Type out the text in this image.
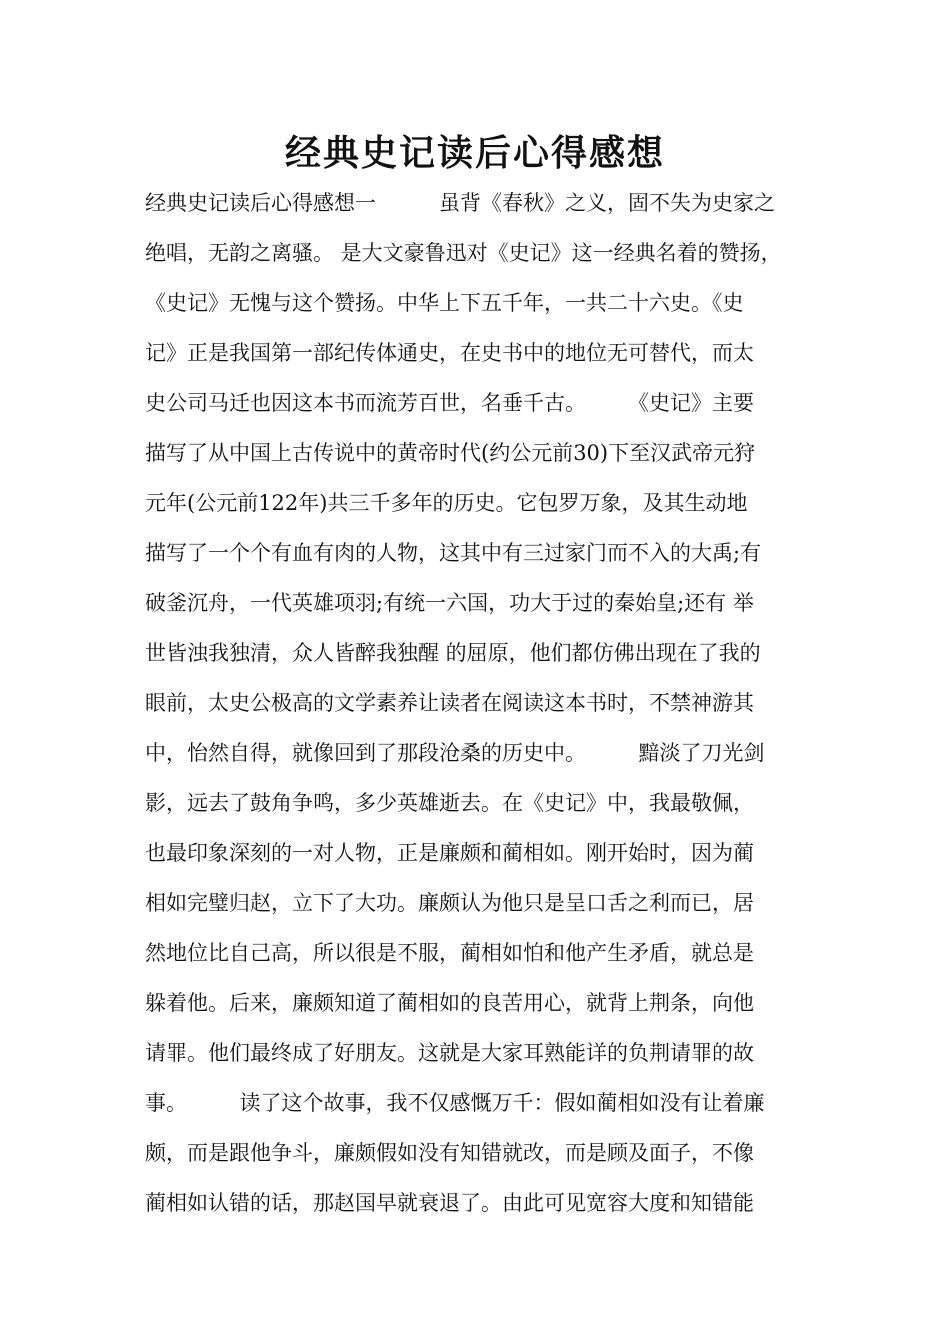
经典史记读后心得感想
经典史记读后心得感想一　　　虽背《春秋》之义，固不失为史家之
绝唱，无韵之离骚。 是大文豪鲁迅对《史记》这一经典名着的赞扬，
《史记》无愧与这个赞扬。中华上下五千年，一共二十六史。《史
记》正是我国第一部纪传体通史，在史书中的地位无可替代，而太
史公司马迁也因这本书而流芳百世，名垂千古。　　　《史记》主要
描写了从中国上古传说中的黄帝时代(约公元前30)下至汉武帝元狩
元年(公元前122年)共三千多年的历史。它包罗万象，及其生动地
描写了一个个有血有肉的人物，这其中有三过家门而不入的大禹;有
破釜沉舟，一代英雄项羽;有统一六国，功大于过的秦始皇;还有 举
世皆浊我独清，众人皆醉我独醒 的屈原，他们都仿佛出现在了我的
眼前，太史公极高的文学素养让读者在阅读这本书时，不禁神游其
中，怡然自得，就像回到了那段沧桑的历史中。　　　黯淡了刀光剑
影，远去了鼓角争鸣，多少英雄逝去。在《史记》中，我最敬佩，
也最印象深刻的一对人物，正是廉颇和蔺相如。刚开始时，因为蔺
相如完璧归赵，立下了大功。廉颇认为他只是呈口舌之利而已，居
然地位比自己高，所以很是不服，蔺相如怕和他产生矛盾，就总是
躲着他。后来，廉颇知道了蔺相如的良苦用心，就背上荆条，向他
请罪。他们最终成了好朋友。这就是大家耳熟能详的负荆请罪的故
事。　　　读了这个故事，我不仅感慨万千：假如蔺相如没有让着廉
颇，而是跟他争斗，廉颇假如没有知错就改，而是顾及面子，不像
蔺相如认错的话，那赵国早就衰退了。由此可见宽容大度和知错能
